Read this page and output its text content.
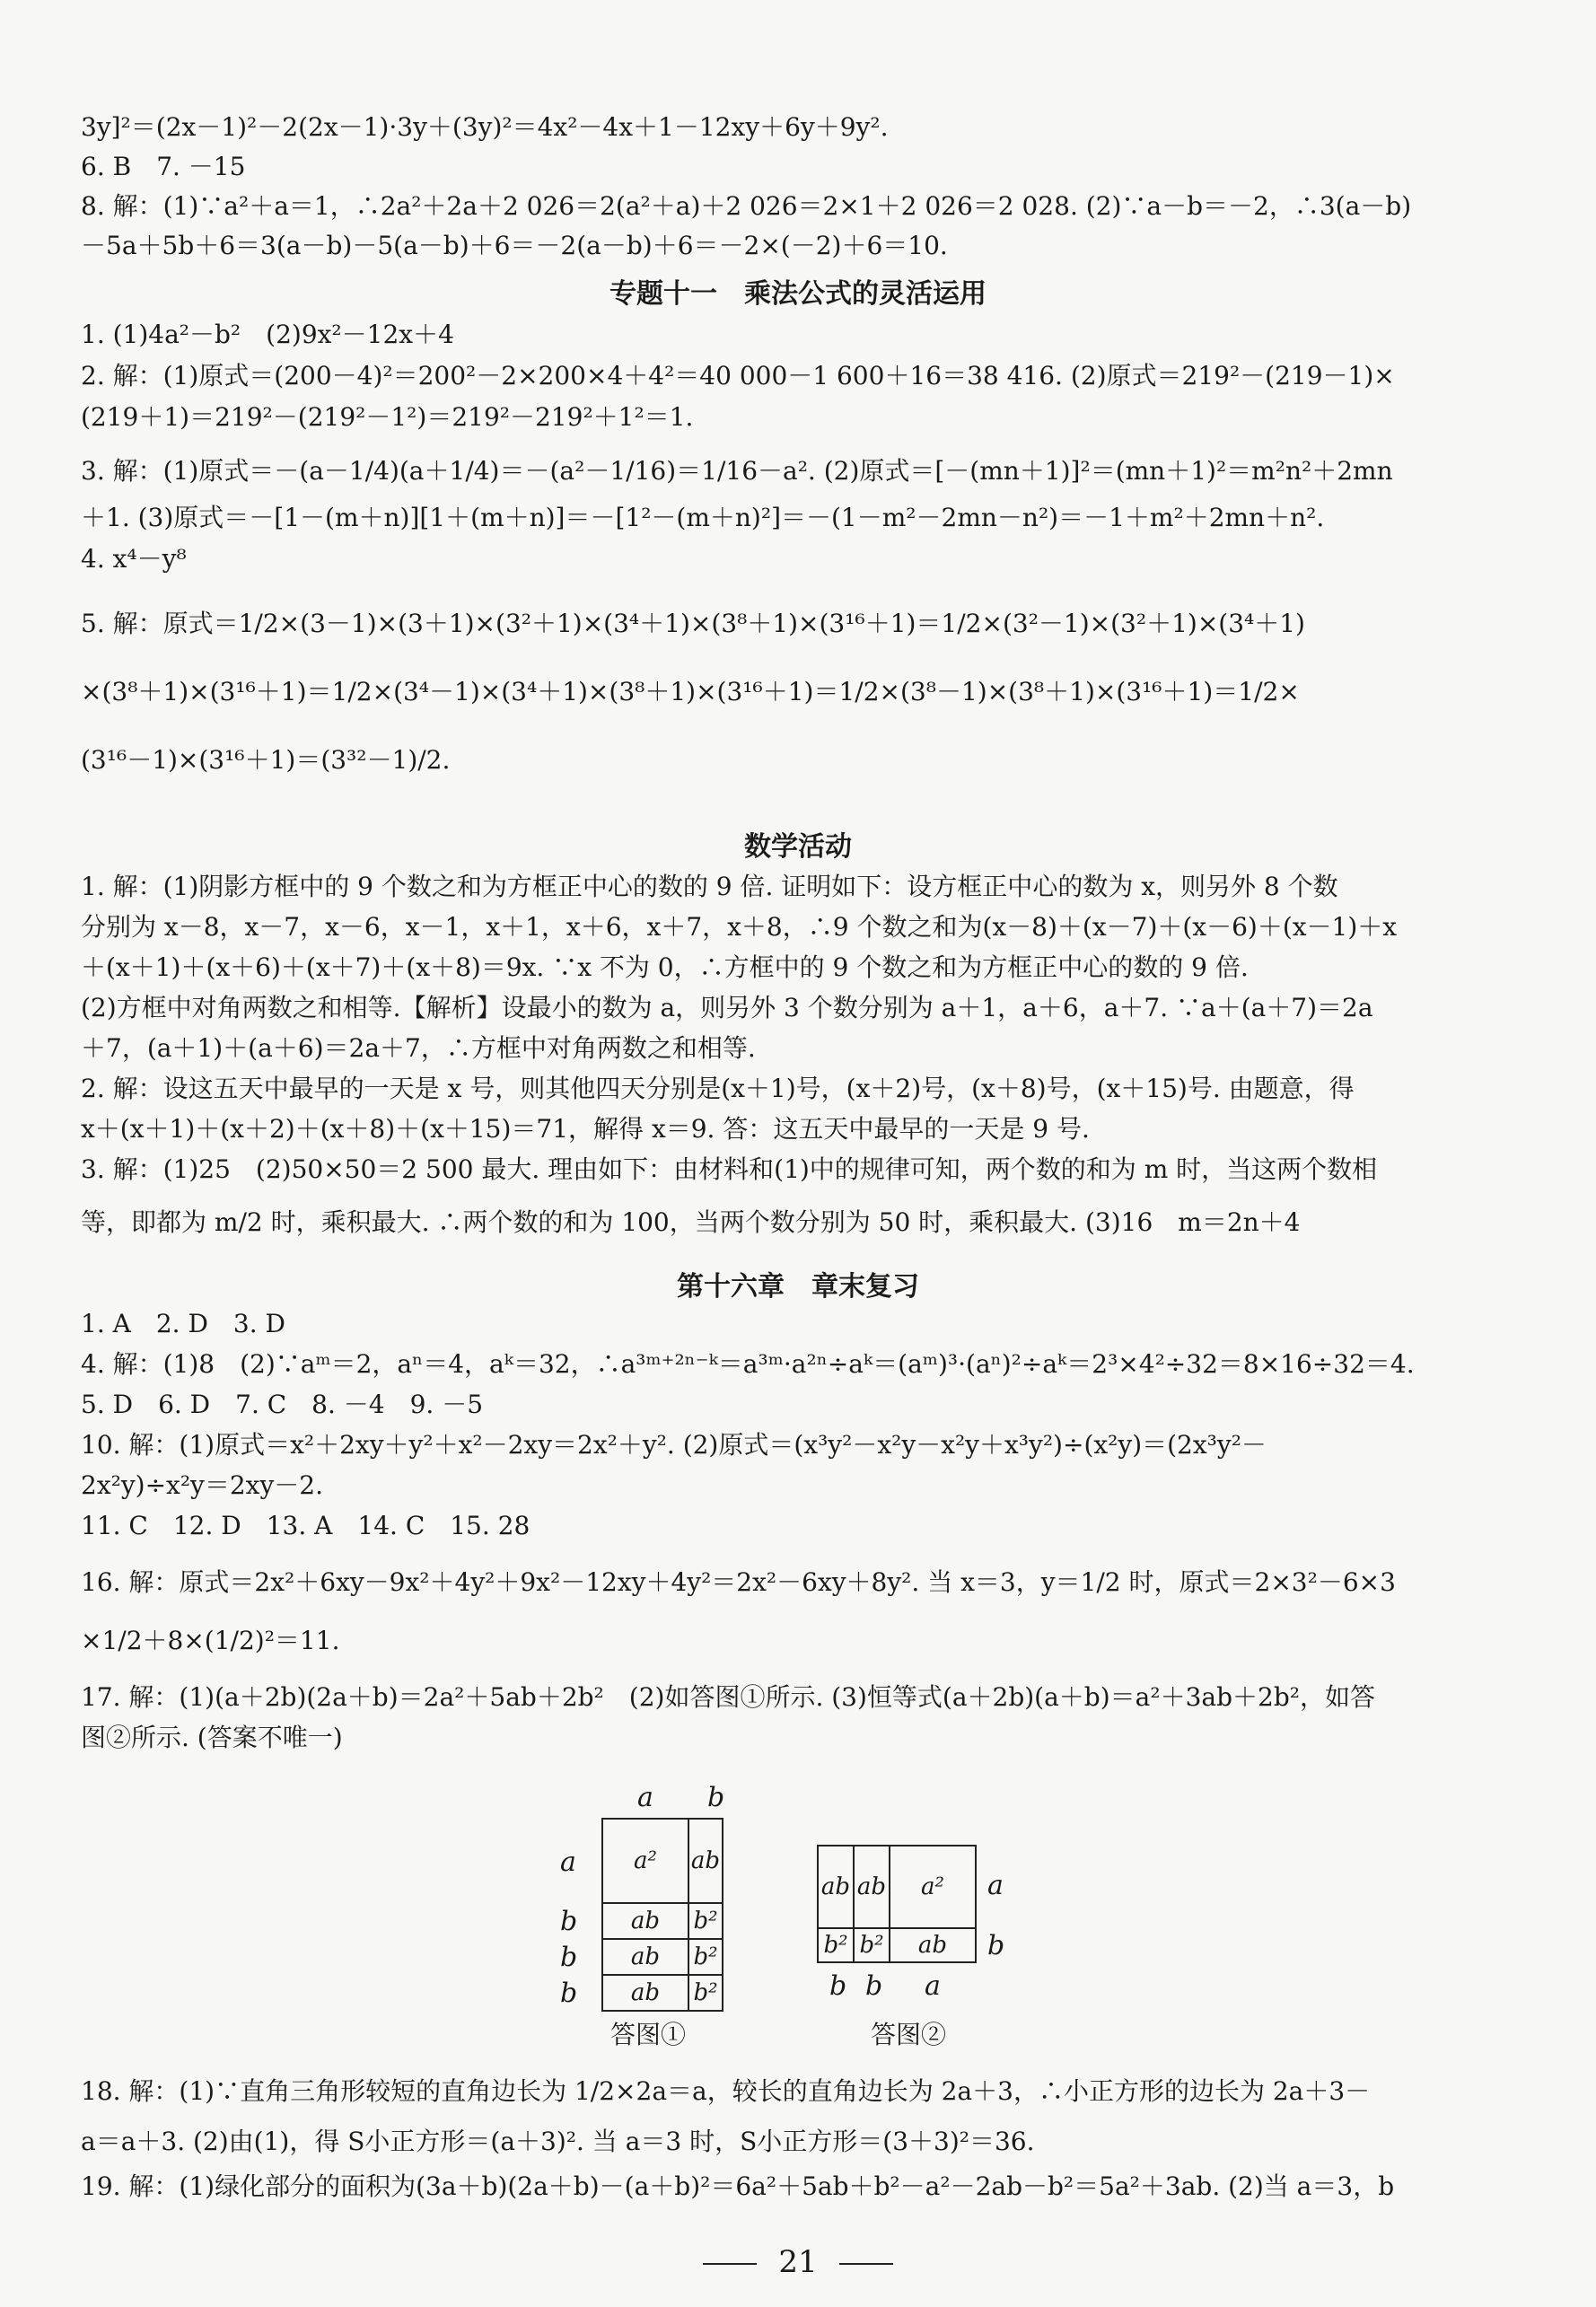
3y]²＝(2x－1)²－2(2x－1)·3y＋(3y)²＝4x²－4x＋1－12xy＋6y＋9y².
6. B　7. －15
8. 解：(1)∵a²＋a＝1，∴2a²＋2a＋2 026＝2(a²＋a)＋2 026＝2×1＋2 026＝2 028. (2)∵a－b＝－2，∴3(a－b)
－5a＋5b＋6＝3(a－b)－5(a－b)＋6＝－2(a－b)＋6＝－2×(－2)＋6＝10.
专题十一　乘法公式的灵活运用
1. (1)4a²－b²　(2)9x²－12x＋4
2. 解：(1)原式＝(200－4)²＝200²－2×200×4＋4²＝40 000－1 600＋16＝38 416. (2)原式＝219²－(219－1)×
(219＋1)＝219²－(219²－1²)＝219²－219²＋1²＝1.
3. 解：(1)原式＝－(a－1/4)(a＋1/4)＝－(a²－1/16)＝1/16－a². (2)原式＝[－(mn＋1)]²＝(mn＋1)²＝m²n²＋2mn
＋1. (3)原式＝－[1－(m＋n)][1＋(m＋n)]＝－[1²－(m＋n)²]＝－(1－m²－2mn－n²)＝－1＋m²＋2mn＋n².
4. x⁴－y⁸
5. 解：原式＝1/2×(3－1)×(3＋1)×(3²＋1)×(3⁴＋1)×(3⁸＋1)×(3¹⁶＋1)＝1/2×(3²－1)×(3²＋1)×(3⁴＋1)
×(3⁸＋1)×(3¹⁶＋1)＝1/2×(3⁴－1)×(3⁴＋1)×(3⁸＋1)×(3¹⁶＋1)＝1/2×(3⁸－1)×(3⁸＋1)×(3¹⁶＋1)＝1/2×
(3¹⁶－1)×(3¹⁶＋1)＝(3³²－1)/2.
数学活动
1. 解：(1)阴影方框中的 9 个数之和为方框正中心的数的 9 倍. 证明如下：设方框正中心的数为 x，则另外 8 个数
分别为 x－8，x－7，x－6，x－1，x＋1，x＋6，x＋7，x＋8，∴9 个数之和为(x－8)＋(x－7)＋(x－6)＋(x－1)＋x
＋(x＋1)＋(x＋6)＋(x＋7)＋(x＋8)＝9x. ∵x 不为 0，∴方框中的 9 个数之和为方框正中心的数的 9 倍.
(2)方框中对角两数之和相等.【解析】设最小的数为 a，则另外 3 个数分别为 a＋1，a＋6，a＋7. ∵a＋(a＋7)＝2a
＋7，(a＋1)＋(a＋6)＝2a＋7，∴方框中对角两数之和相等.
2. 解：设这五天中最早的一天是 x 号，则其他四天分别是(x＋1)号，(x＋2)号，(x＋8)号，(x＋15)号. 由题意，得
x＋(x＋1)＋(x＋2)＋(x＋8)＋(x＋15)＝71，解得 x＝9. 答：这五天中最早的一天是 9 号.
3. 解：(1)25　(2)50×50＝2 500 最大. 理由如下：由材料和(1)中的规律可知，两个数的和为 m 时，当这两个数相
等，即都为 m/2 时，乘积最大. ∴两个数的和为 100，当两个数分别为 50 时，乘积最大. (3)16　m＝2n＋4
第十六章　章末复习
1. A　2. D　3. D
4. 解：(1)8　(2)∵aᵐ＝2，aⁿ＝4，aᵏ＝32，∴a³ᵐ⁺²ⁿ⁻ᵏ＝a³ᵐ·a²ⁿ÷aᵏ＝(aᵐ)³·(aⁿ)²÷aᵏ＝2³×4²÷32＝8×16÷32＝4.
5. D　6. D　7. C　8. －4　9. －5
10. 解：(1)原式＝x²＋2xy＋y²＋x²－2xy＝2x²＋y². (2)原式＝(x³y²－x²y－x²y＋x³y²)÷(x²y)＝(2x³y²－
2x²y)÷x²y＝2xy－2.
11. C　12. D　13. A　14. C　15. 28
16. 解：原式＝2x²＋6xy－9x²＋4y²＋9x²－12xy＋4y²＝2x²－6xy＋8y². 当 x＝3，y＝1/2 时，原式＝2×3²－6×3
×1/2＋8×(1/2)²＝11.
17. 解：(1)(a＋2b)(2a＋b)＝2a²＋5ab＋2b²　(2)如答图①所示. (3)恒等式(a＋2b)(a＋b)＝a²＋3ab＋2b²，如答
图②所示. (答案不唯一)
a b
a
b
b
b
a²	ab
ab	b²
ab	b²
ab	b²
答图①
ab ab	a²
b² b²	ab
a
b
b b a
答图②
18. 解：(1)∵直角三角形较短的直角边长为 1/2×2a＝a，较长的直角边长为 2a＋3，∴小正方形的边长为 2a＋3－
a＝a＋3. (2)由(1)，得 S小正方形＝(a＋3)². 当 a＝3 时，S小正方形＝(3＋3)²＝36.
19. 解：(1)绿化部分的面积为(3a＋b)(2a＋b)－(a＋b)²＝6a²＋5ab＋b²－a²－2ab－b²＝5a²＋3ab. (2)当 a＝3，b
21
